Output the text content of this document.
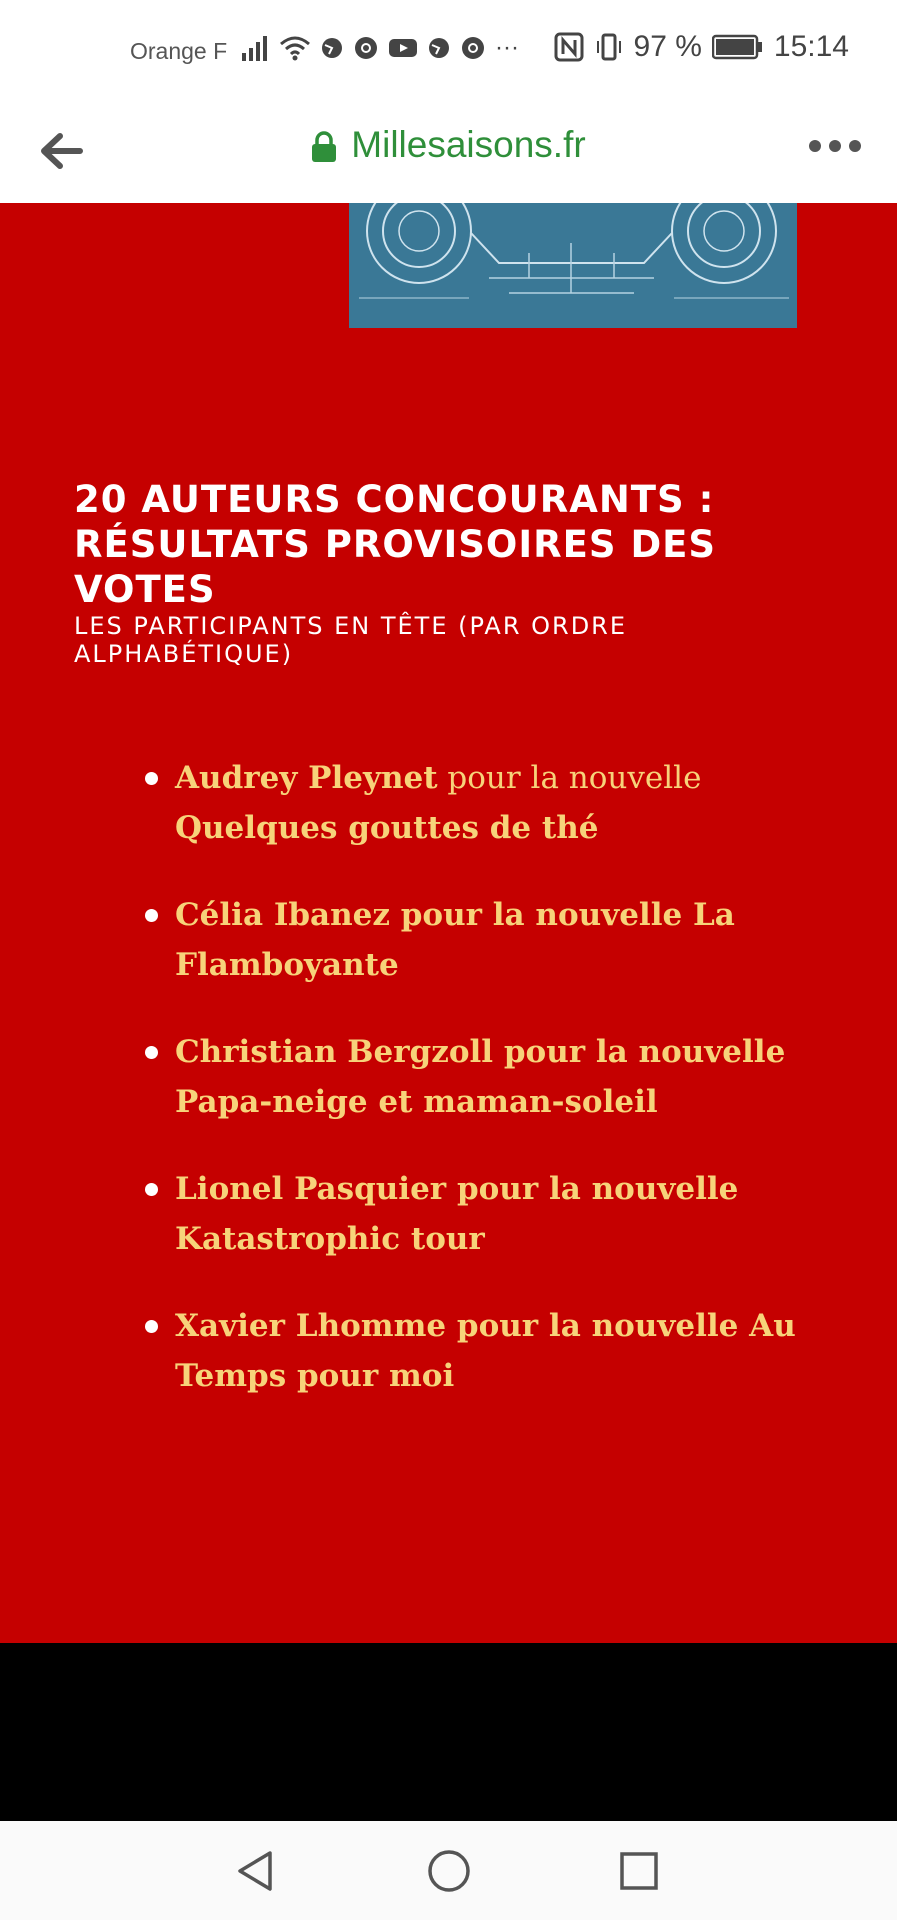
Orange F	···	97 % 15:14
Millesaisons.fr
20 AUTEURS CONCOURANTS : RÉSULTATS PROVISOIRES DES VOTES
LES PARTICIPANTS EN TÊTE (PAR ORDRE ALPHABÉTIQUE)
Audrey Pleynet pour la nouvelle Quelques gouttes de thé
Célia Ibanez pour la nouvelle La Flamboyante
Christian Bergzoll pour la nouvelle Papa-neige et maman-soleil
Lionel Pasquier pour la nouvelle Katastrophic tour
Xavier Lhomme pour la nouvelle Au Temps pour moi
